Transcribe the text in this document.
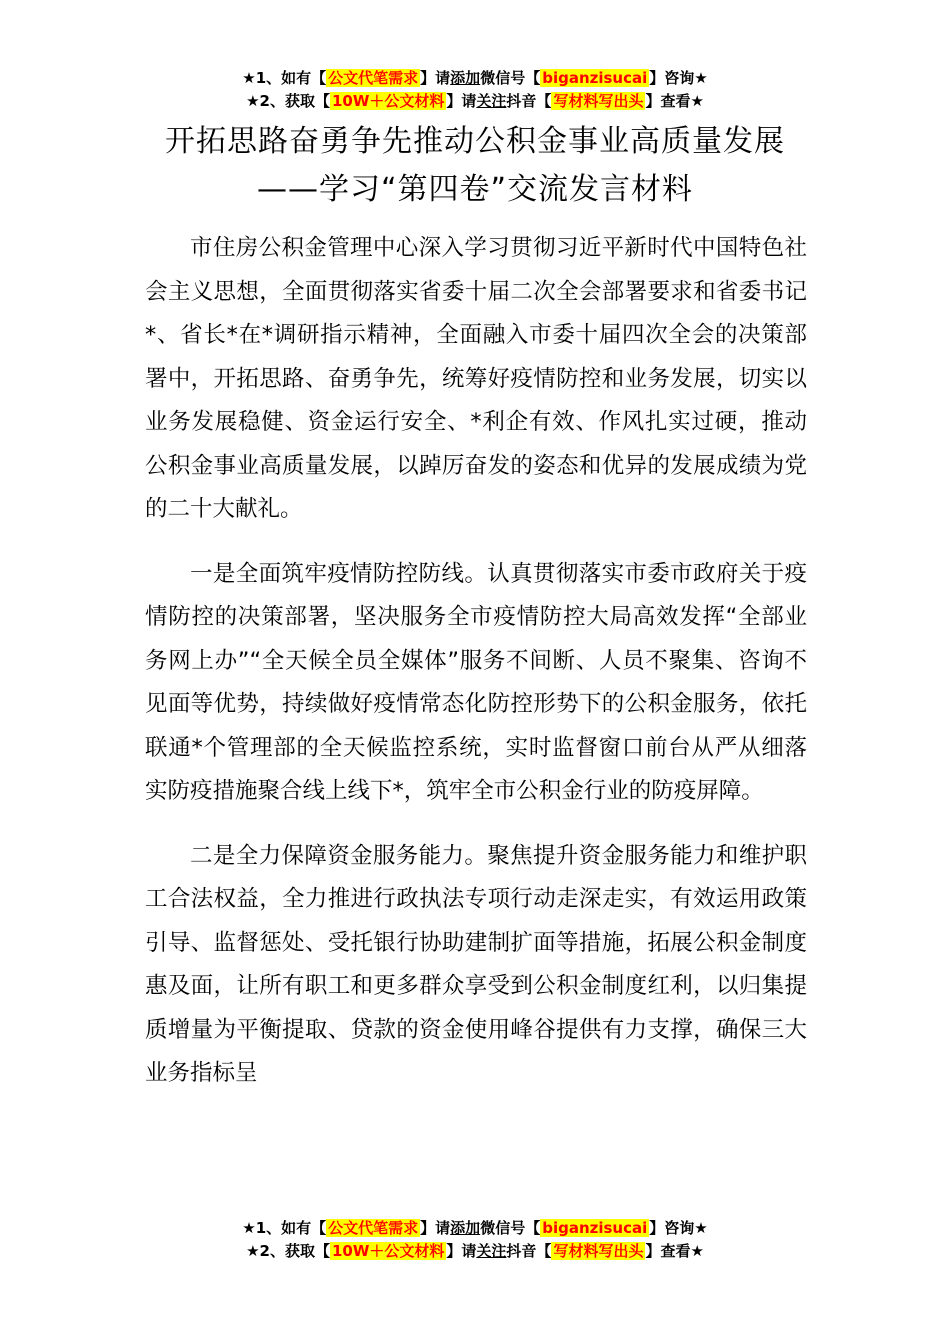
★1、如有【 公文代笔需求 】请添加微信号【 biganzisucai 】咨询★
★2、获取【 10W＋公文材料 】请关注抖音【 写材料写出头 】查看★
开拓思路奋勇争先推动公积金事业高质量发展——学习“第四卷”交流发言材料

市住房公积金管理中心深入学习贯彻习近平新时代中国特色社会主义思想，全面贯彻落实省委十届二次全会部署要求和省委书记*、省长*在*调研指示精神，全面融入市委十届四次全会的决策部署中，开拓思路、奋勇争先，统筹好疫情防控和业务发展，切实以业务发展稳健、资金运行安全、*利企有效、作风扎实过硬，推动公积金事业高质量发展，以踔厉奋发的姿态和优异的发展成绩为党的二十大献礼。

一是全面筑牢疫情防控防线。认真贯彻落实市委市政府关于疫情防控的决策部署，坚决服务全市疫情防控大局高效发挥“全部业务网上办”“全天候全员全媒体”服务不间断、人员不聚集、咨询不见面等优势，持续做好疫情常态化防控形势下的公积金服务，依托联通*个管理部的全天候监控系统，实时监督窗口前台从严从细落实防疫措施聚合线上线下*，筑牢全市公积金行业的防疫屏障。

二是全力保障资金服务能力。聚焦提升资金服务能力和维护职工合法权益，全力推进行政执法专项行动走深走实，有效运用政策引导、监督惩处、受托银行协助建制扩面等措施，拓展公积金制度惠及面，让所有职工和更多群众享受到公积金制度红利，以归集提质增量为平衡提取、贷款的资金使用峰谷提供有力支撑，确保三大业务指标呈

★1、如有【 公文代笔需求 】请添加微信号【 biganzisucai 】咨询★
★2、获取【 10W＋公文材料 】请关注抖音【 写材料写出头 】查看★
